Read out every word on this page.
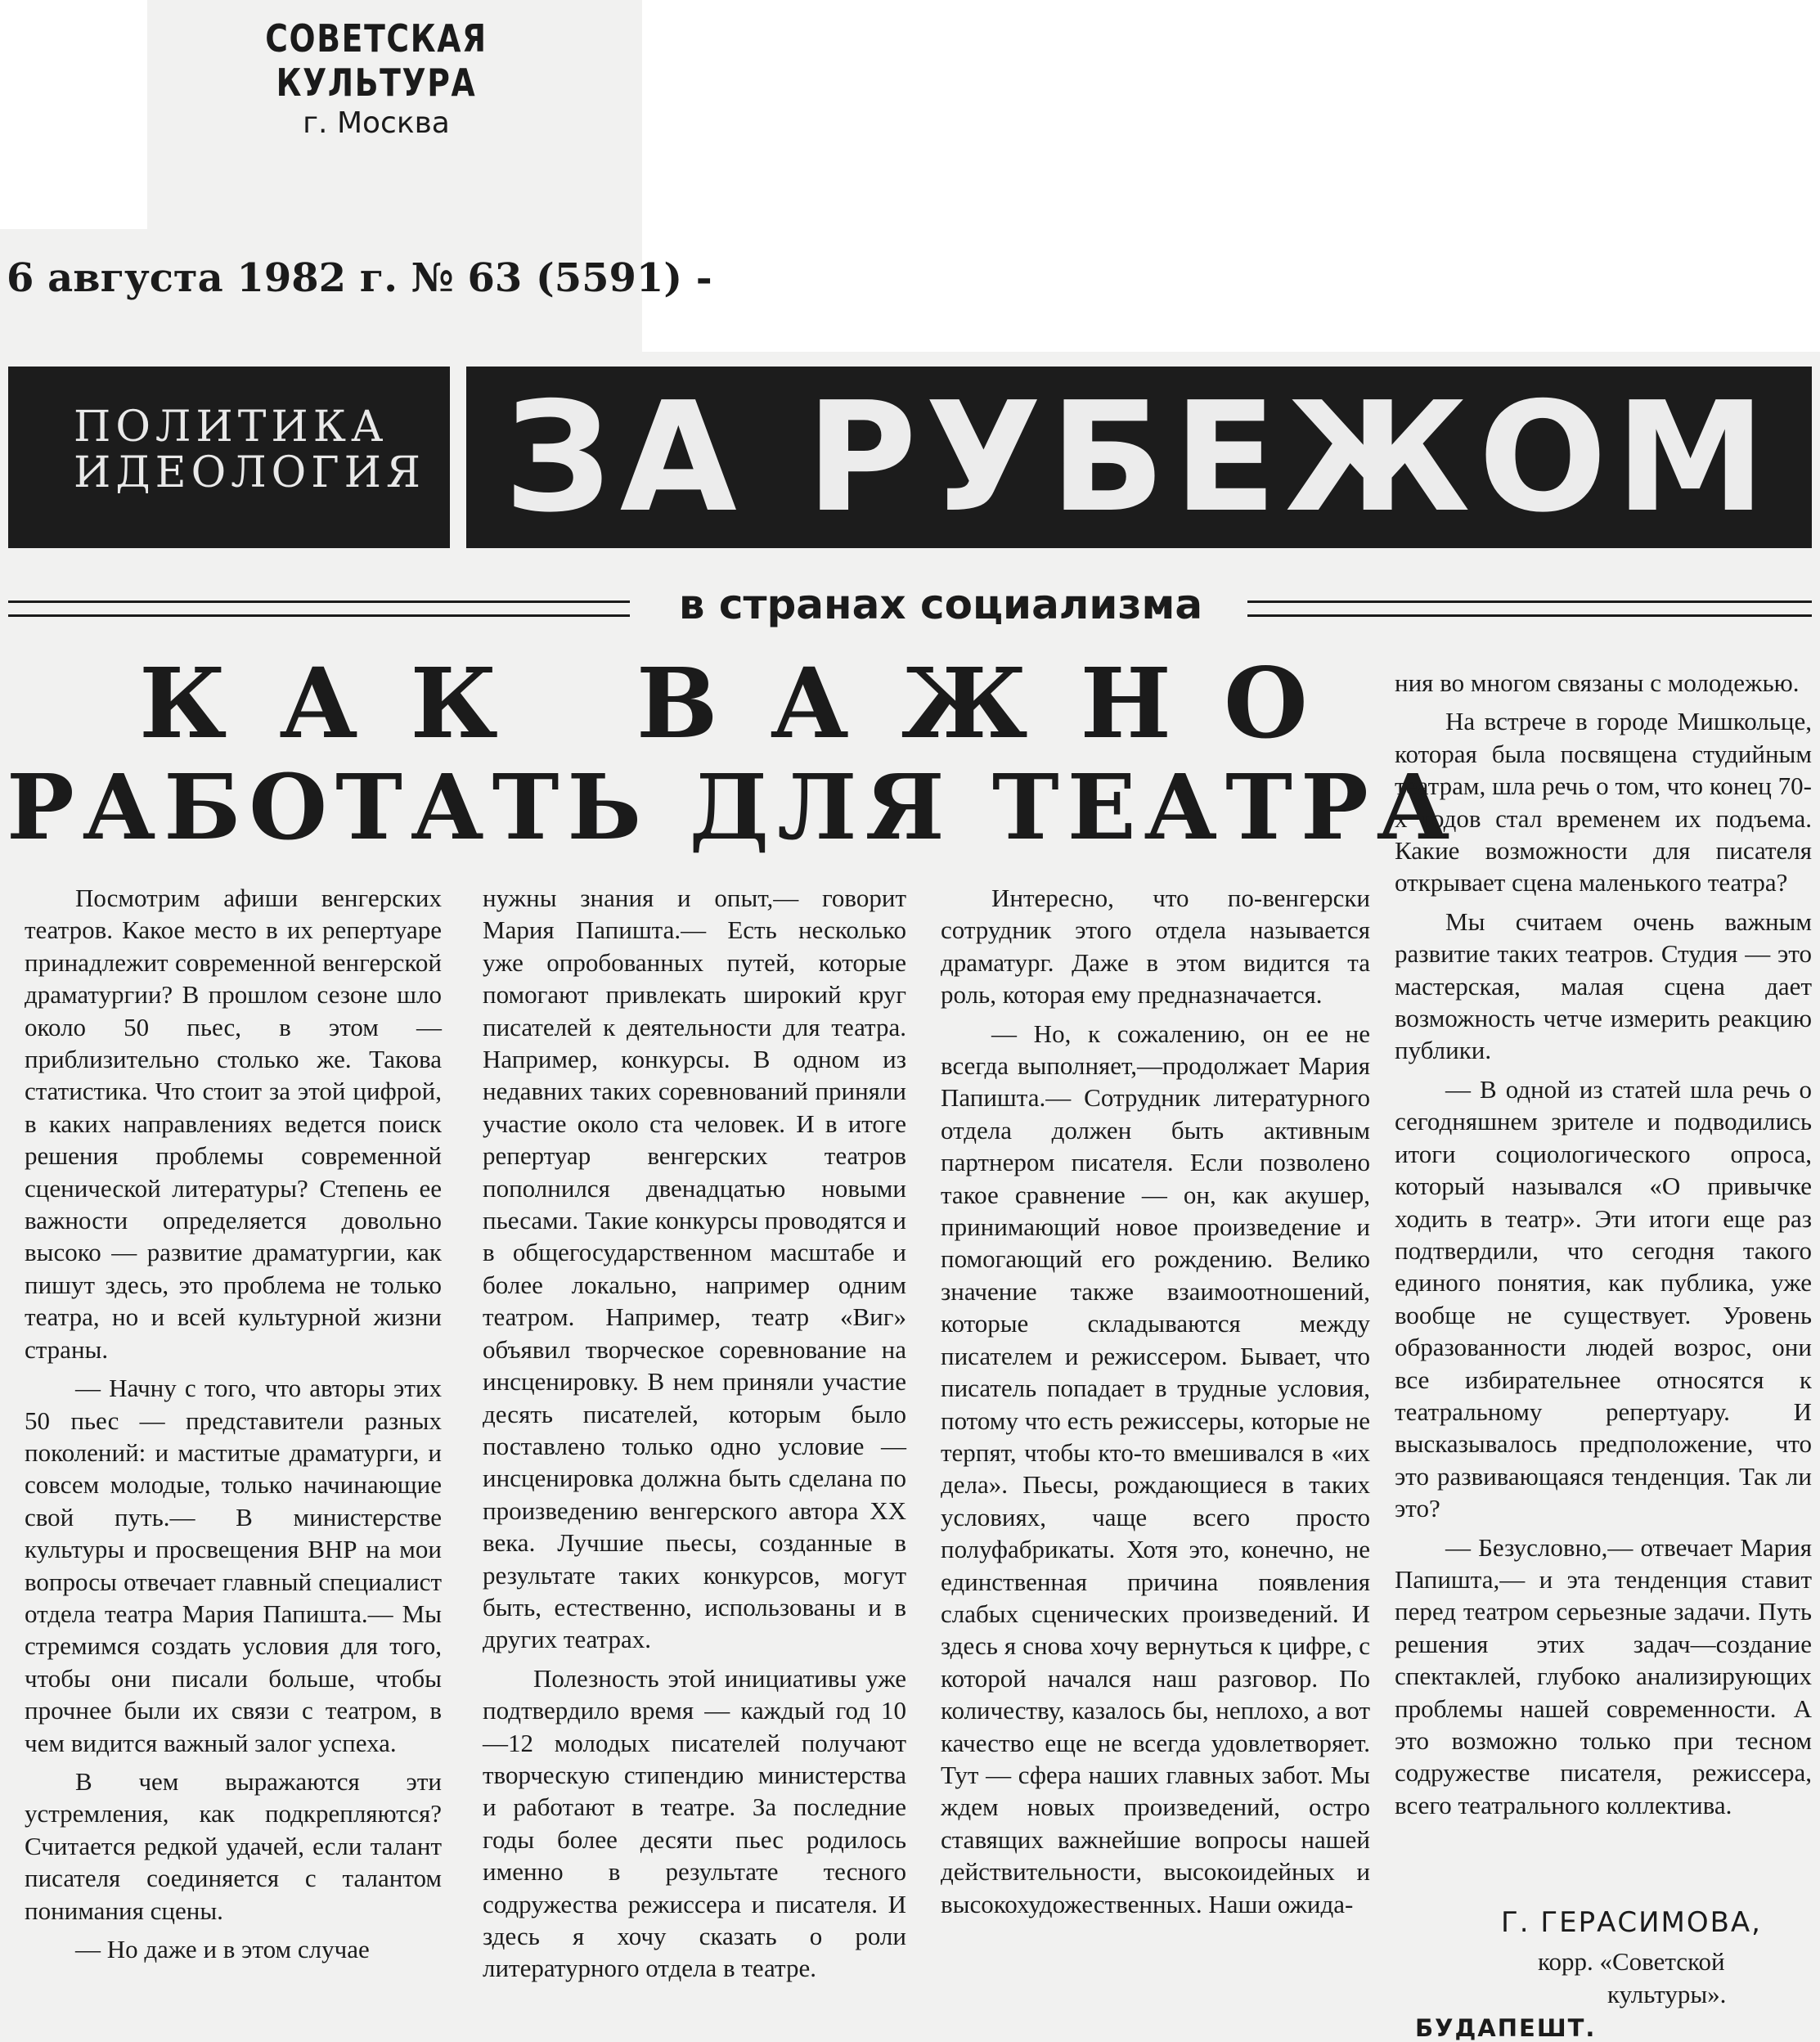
СОВЕТСКАЯ КУЛЬТУРА
г. Москва
6 августа 1982 г. № 63 (5591) -
ПОЛИТИКА
ИДЕОЛОГИЯ ЗА РУБЕЖОМ
в странах социализма
КАК ВАЖНО
РАБОТАТЬ ДЛЯ ТЕАТРА

Посмотрим афиши венгерских театров. Какое место в их репертуаре принадлежит современной венгерской драматургии? В прошлом сезоне шло около 50 пьес, в этом — приблизительно столько же. Такова статистика. Что стоит за этой цифрой, в каких направлениях ведется поиск решения проблемы современной сценической литературы? Степень ее важности определяется довольно высоко — развитие драматургии, как пишут здесь, это проблема не только театра, но и всей культурной жизни страны.

— Начну с того, что авторы этих 50 пьес — представители разных поколений: и маститые драматурги, и совсем молодые, только начинающие свой путь.— В министерстве культуры и просвещения ВНР на мои вопросы отвечает главный специалист отдела театра Мария Папишта.— Мы стремимся создать условия для того, чтобы они писали больше, чтобы прочнее были их связи с театром, в чем видится важный залог успеха.

В чем выражаются эти устремления, как подкрепляются? Считается редкой удачей, если талант писателя соединяется с талантом понимания сцены.

— Но даже и в этом случае

нужны знания и опыт,— говорит Мария Папишта.— Есть несколько уже опробованных путей, которые помогают привлекать широкий круг писателей к деятельности для театра. Например, конкурсы. В одном из недавних таких соревнований приняли участие около ста человек. И в итоге репертуар венгерских театров пополнился двенадцатью новыми пьесами. Такие конкурсы проводятся и в общегосударственном масштабе и более локально, например одним театром. Например, театр «Виг» объявил творческое соревнование на инсценировку. В нем приняли участие десять писателей, которым было поставлено только одно условие — инсценировка должна быть сделана по произведению венгерского автора XX века. Лучшие пьесы, созданные в результате таких конкурсов, могут быть, естественно, использованы и в других театрах.

Полезность этой инициативы уже подтвердило время — каждый год 10—12 молодых писателей получают творческую стипендию министерства и работают в театре. За последние годы более десяти пьес родилось именно в результате тесного содружества режиссера и писателя. И здесь я хочу сказать о роли литературного отдела в театре.

Интересно, что по-венгерски сотрудник этого отдела называется драматург. Даже в этом видится та роль, которая ему предназначается.

— Но, к сожалению, он ее не всегда выполняет,—продолжает Мария Папишта.— Сотрудник литературного отдела должен быть активным партнером писателя. Если позволено такое сравнение — он, как акушер, принимающий новое произведение и помогающий его рождению. Велико значение также взаимоотношений, которые складываются между писателем и режиссером. Бывает, что писатель попадает в трудные условия, потому что есть режиссеры, которые не терпят, чтобы кто-то вмешивался в «их дела». Пьесы, рождающиеся в таких условиях, чаще всего просто полуфабрикаты. Хотя это, конечно, не единственная причина появления слабых сценических произведений. И здесь я снова хочу вернуться к цифре, с которой начался наш разговор. По количеству, казалось бы, неплохо, а вот качество еще не всегда удовлетворяет. Тут — сфера наших главных забот. Мы ждем новых произведений, остро ставящих важнейшие вопросы нашей действительности, высокоидейных и высокохудожественных. Наши ожида-

ния во многом связаны с молодежью.

На встрече в городе Мишкольце, которая была посвящена студийным театрам, шла речь о том, что конец 70-х годов стал временем их подъема. Какие возможности для писателя открывает сцена маленького театра?

Мы считаем очень важным развитие таких театров. Студия — это мастерская, малая сцена дает возможность четче измерить реакцию публики.

— В одной из статей шла речь о сегодняшнем зрителе и подводились итоги социологического опроса, который назывался «О привычке ходить в театр». Эти итоги еще раз подтвердили, что сегодня такого единого понятия, как публика, уже вообще не существует. Уровень образованности людей возрос, они все избирательнее относятся к театральному репертуару. И высказывалось предположение, что это развивающаяся тенденция. Так ли это?

— Безусловно,— отвечает Мария Папишта,— и эта тенденция ставит перед театром серьезные задачи. Путь решения этих задач—создание спектаклей, глубоко анализирующих проблемы нашей современности. А это возможно только при тесном содружестве писателя, режиссера, всего театрального коллектива.

Г. ГЕРАСИМОВА,
корр. «Советской
культуры».
БУДАПЕШТ.
